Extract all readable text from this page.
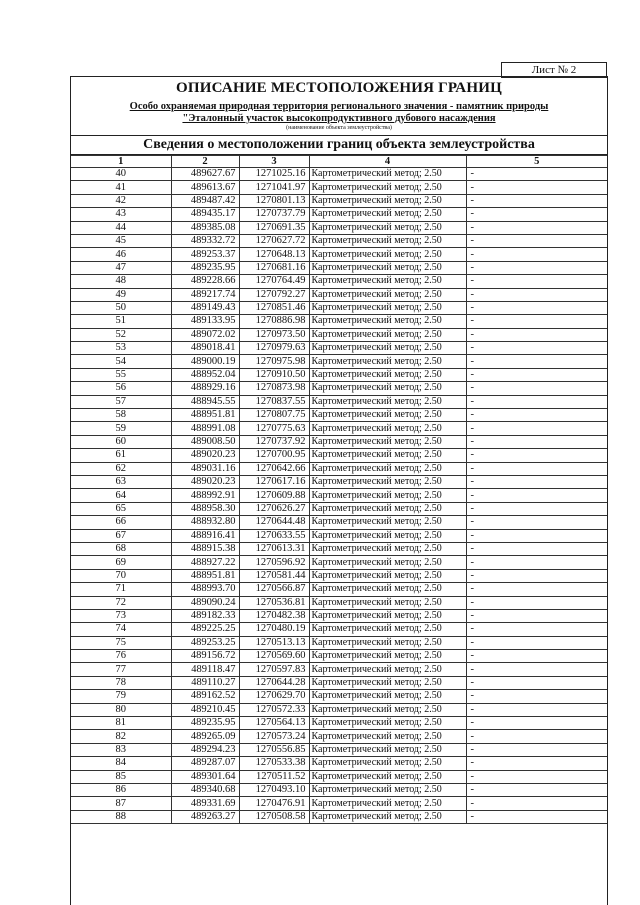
Лист № 2
ОПИСАНИЕ МЕСТОПОЛОЖЕНИЯ ГРАНИЦ
Особо охраняемая природная территория регионального значения - памятник природы
"Эталонный участок высокопродуктивного дубового насаждения
(наименование объекта землеустройства)
Сведения о местоположении границ объекта землеустройства
1	2	3	4	5
40	489627.67	1271025.16	Картометрический метод; 2.50	-
41	489613.67	1271041.97	Картометрический метод; 2.50	-
42	489487.42	1270801.13	Картометрический метод; 2.50	-
43	489435.17	1270737.79	Картометрический метод; 2.50	-
44	489385.08	1270691.35	Картометрический метод; 2.50	-
45	489332.72	1270627.72	Картометрический метод; 2.50	-
46	489253.37	1270648.13	Картометрический метод; 2.50	-
47	489235.95	1270681.16	Картометрический метод; 2.50	-
48	489228.66	1270764.49	Картометрический метод; 2.50	-
49	489217.74	1270792.27	Картометрический метод; 2.50	-
50	489149.43	1270851.46	Картометрический метод; 2.50	-
51	489133.95	1270886.98	Картометрический метод; 2.50	-
52	489072.02	1270973.50	Картометрический метод; 2.50	-
53	489018.41	1270979.63	Картометрический метод; 2.50	-
54	489000.19	1270975.98	Картометрический метод; 2.50	-
55	488952.04	1270910.50	Картометрический метод; 2.50	-
56	488929.16	1270873.98	Картометрический метод; 2.50	-
57	488945.55	1270837.55	Картометрический метод; 2.50	-
58	488951.81	1270807.75	Картометрический метод; 2.50	-
59	488991.08	1270775.63	Картометрический метод; 2.50	-
60	489008.50	1270737.92	Картометрический метод; 2.50	-
61	489020.23	1270700.95	Картометрический метод; 2.50	-
62	489031.16	1270642.66	Картометрический метод; 2.50	-
63	489020.23	1270617.16	Картометрический метод; 2.50	-
64	488992.91	1270609.88	Картометрический метод; 2.50	-
65	488958.30	1270626.27	Картометрический метод; 2.50	-
66	488932.80	1270644.48	Картометрический метод; 2.50	-
67	488916.41	1270633.55	Картометрический метод; 2.50	-
68	488915.38	1270613.31	Картометрический метод; 2.50	-
69	488927.22	1270596.92	Картометрический метод; 2.50	-
70	488951.81	1270581.44	Картометрический метод; 2.50	-
71	488993.70	1270566.87	Картометрический метод; 2.50	-
72	489090.24	1270536.81	Картометрический метод; 2.50	-
73	489182.33	1270482.38	Картометрический метод; 2.50	-
74	489225.25	1270480.19	Картометрический метод; 2.50	-
75	489253.25	1270513.13	Картометрический метод; 2.50	-
76	489156.72	1270569.60	Картометрический метод; 2.50	-
77	489118.47	1270597.83	Картометрический метод; 2.50	-
78	489110.27	1270644.28	Картометрический метод; 2.50	-
79	489162.52	1270629.70	Картометрический метод; 2.50	-
80	489210.45	1270572.33	Картометрический метод; 2.50	-
81	489235.95	1270564.13	Картометрический метод; 2.50	-
82	489265.09	1270573.24	Картометрический метод; 2.50	-
83	489294.23	1270556.85	Картометрический метод; 2.50	-
84	489287.07	1270533.38	Картометрический метод; 2.50	-
85	489301.64	1270511.52	Картометрический метод; 2.50	-
86	489340.68	1270493.10	Картометрический метод; 2.50	-
87	489331.69	1270476.91	Картометрический метод; 2.50	-
88	489263.27	1270508.58	Картометрический метод; 2.50	-
